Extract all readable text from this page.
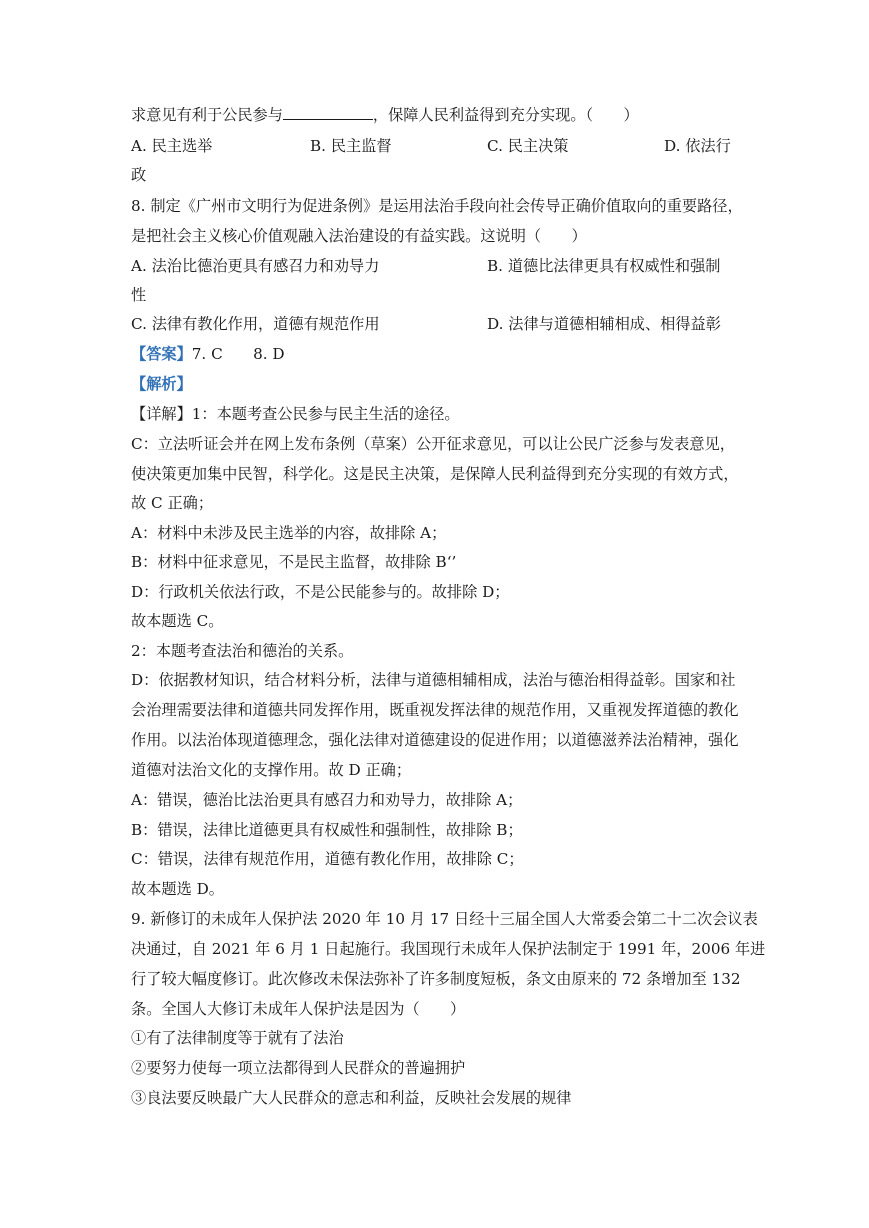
求意见有利于公民参与	，保障人民利益得到充分实现。（　　）
A. 民主选举	B. 民主监督	C. 民主决策	D. 依法行
政
8. 制定《广州市文明行为促进条例》是运用法治手段向社会传导正确价值取向的重要路径，
是把社会主义核心价值观融入法治建设的有益实践。这说明（　　）
A. 法治比德治更具有感召力和劝导力	B. 道德比法律更具有权威性和强制
性
C. 法律有教化作用，道德有规范作用	D. 法律与道德相辅相成、相得益彰
【答案】7. C　　8. D
【解析】
【详解】1：本题考查公民参与民主生活的途径。
C：立法听证会并在网上发布条例（草案）公开征求意见，可以让公民广泛参与发表意见，
使决策更加集中民智，科学化。这是民主决策，是保障人民利益得到充分实现的有效方式，
故 C 正确；
A：材料中未涉及民主选举的内容，故排除 A；
B：材料中征求意见，不是民主监督，故排除 B‘’
D：行政机关依法行政，不是公民能参与的。故排除 D；
故本题选 C。
2：本题考查法治和德治的关系。
D：依据教材知识，结合材料分析，法律与道德相辅相成，法治与德治相得益彰。国家和社
会治理需要法律和道德共同发挥作用，既重视发挥法律的规范作用，又重视发挥道德的教化
作用。以法治体现道德理念，强化法律对道德建设的促进作用；以道德滋养法治精神，强化
道德对法治文化的支撑作用。故 D 正确；
A：错误，德治比法治更具有感召力和劝导力，故排除 A；
B：错误，法律比道德更具有权威性和强制性，故排除 B；
C：错误，法律有规范作用，道德有教化作用，故排除 C；
故本题选 D。
9. 新修订的未成年人保护法 2020 年 10 月 17 日经十三届全国人大常委会第二十二次会议表
决通过，自 2021 年 6 月 1 日起施行。我国现行未成年人保护法制定于 1991 年，2006 年进
行了较大幅度修订。此次修改未保法弥补了许多制度短板，条文由原来的 72 条增加至 132
条。全国人大修订未成年人保护法是因为（　　）
①有了法律制度等于就有了法治
②要努力使每一项立法都得到人民群众的普遍拥护
③良法要反映最广大人民群众的意志和利益，反映社会发展的规律
